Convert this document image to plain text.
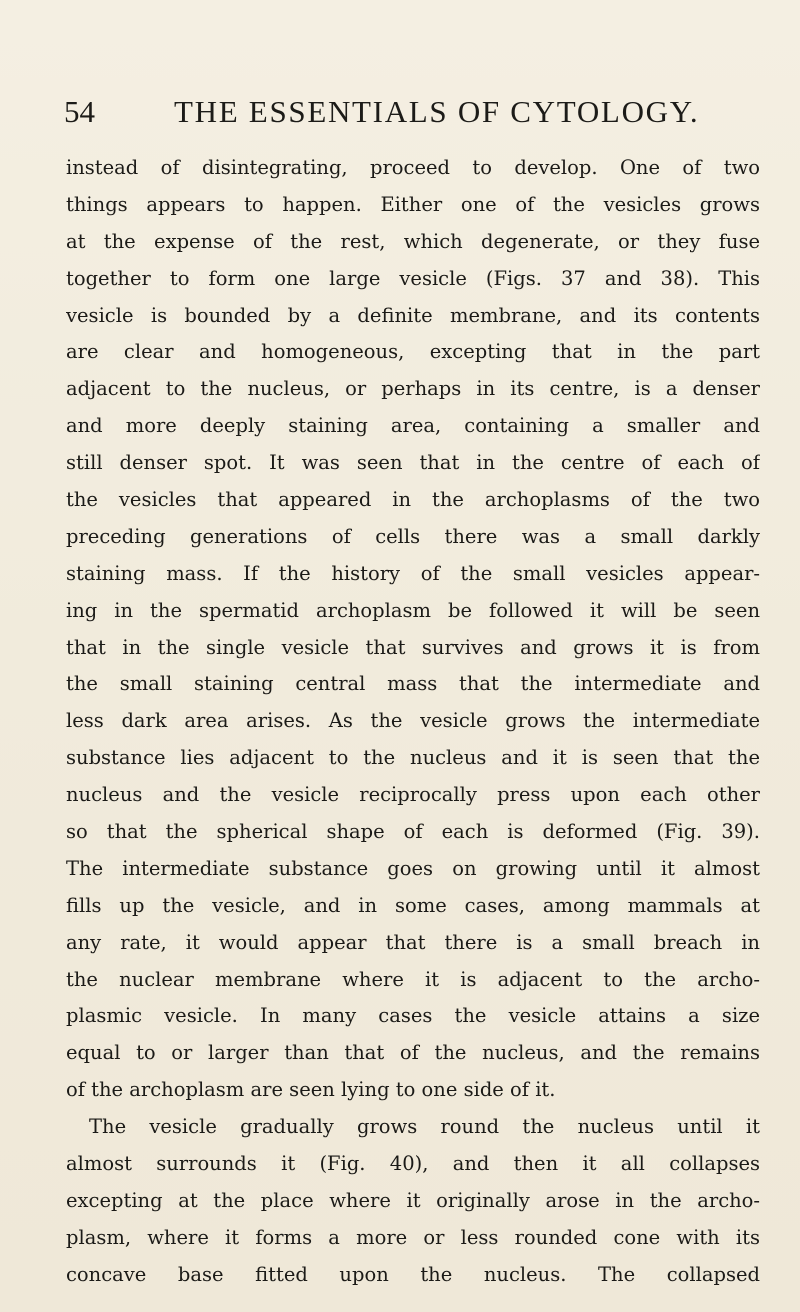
54	THE ESSENTIALS OF CYTOLOGY.
instead of disintegrating, proceed to develop. One of two
things appears to happen. Either one of the vesicles grows
at the expense of the rest, which degenerate, or they fuse
together to form one large vesicle (Figs. 37 and 38). This
vesicle is bounded by a definite membrane, and its contents
are clear and homogeneous, excepting that in the part
adjacent to the nucleus, or perhaps in its centre, is a denser
and more deeply staining area, containing a smaller and
still denser spot. It was seen that in the centre of each of
the vesicles that appeared in the archoplasms of the two
preceding generations of cells there was a small darkly
staining mass. If the history of the small vesicles appear-
ing in the spermatid archoplasm be followed it will be seen
that in the single vesicle that survives and grows it is from
the small staining central mass that the intermediate and
less dark area arises. As the vesicle grows the intermediate
substance lies adjacent to the nucleus and it is seen that the
nucleus and the vesicle reciprocally press upon each other
so that the spherical shape of each is deformed (Fig. 39).
The intermediate substance goes on growing until it almost
fills up the vesicle, and in some cases, among mammals at
any rate, it would appear that there is a small breach in
the nuclear membrane where it is adjacent to the archo-
plasmic vesicle. In many cases the vesicle attains a size
equal to or larger than that of the nucleus, and the remains
of the archoplasm are seen lying to one side of it.
The vesicle gradually grows round the nucleus until it
almost surrounds it (Fig. 40), and then it all collapses
excepting at the place where it originally arose in the archo-
plasm, where it forms a more or less rounded cone with its
concave base fitted upon the nucleus. The collapsed
